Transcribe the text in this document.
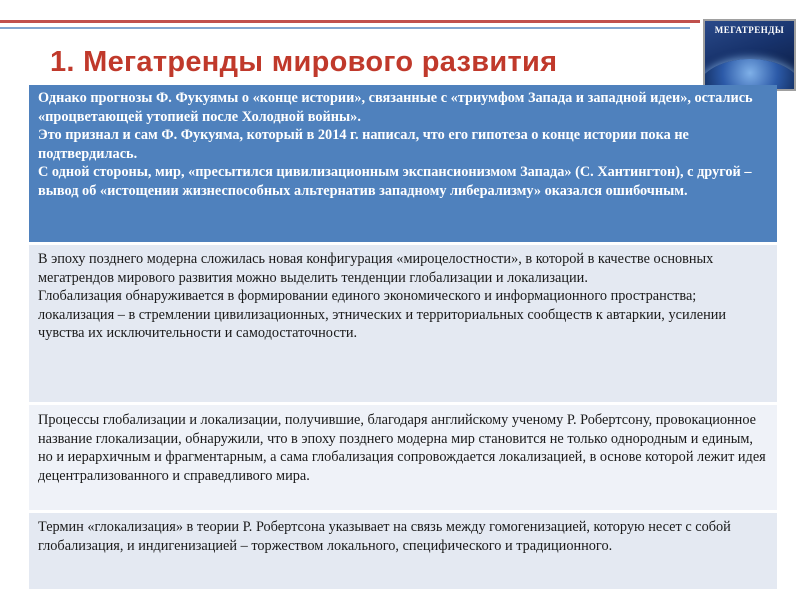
1. Мегатренды мирового развития
МЕГАТРЕНДЫ

Однако прогнозы Ф. Фукуямы о «конце истории», связанные с «триумфом Запада и западной идеи», остались «процветающей утопией после Холодной войны».

Это признал и сам Ф. Фукуяма, который в 2014 г. написал, что его гипотеза о конце истории пока не подтвердилась.

С одной стороны, мир, «пресытился цивилизационным экспансионизмом Запада» (С. Хантингтон), с другой – вывод об «истощении жизнеспособных альтернатив западному либерализму» оказался ошибочным.

В эпоху позднего модерна сложилась новая конфигурация «мироцелостности», в которой в качестве основных мегатрендов мирового развития можно выделить тенденции глобализации и локализации.

Глобализация обнаруживается в формировании единого экономического и информационного пространства; локализация – в стремлении цивилизационных, этнических и территориальных сообществ к автаркии, усилении чувства их исключительности и самодостаточности.

Процессы глобализации и локализации, получившие, благодаря английскому ученому Р. Робертсону, провокационное название глокализации, обнаружили, что в эпоху позднего модерна мир становится не только однородным и единым, но и иерархичным и фрагментарным, а сама глобализация сопровождается локализацией, в основе которой лежит идея децентрализованного и справедливого мира.

Термин «глокализация» в теории Р. Робертсона указывает на связь между гомогенизацией, которую несет с собой глобализация, и индигенизацией – торжеством локального, специфического и традиционного.
